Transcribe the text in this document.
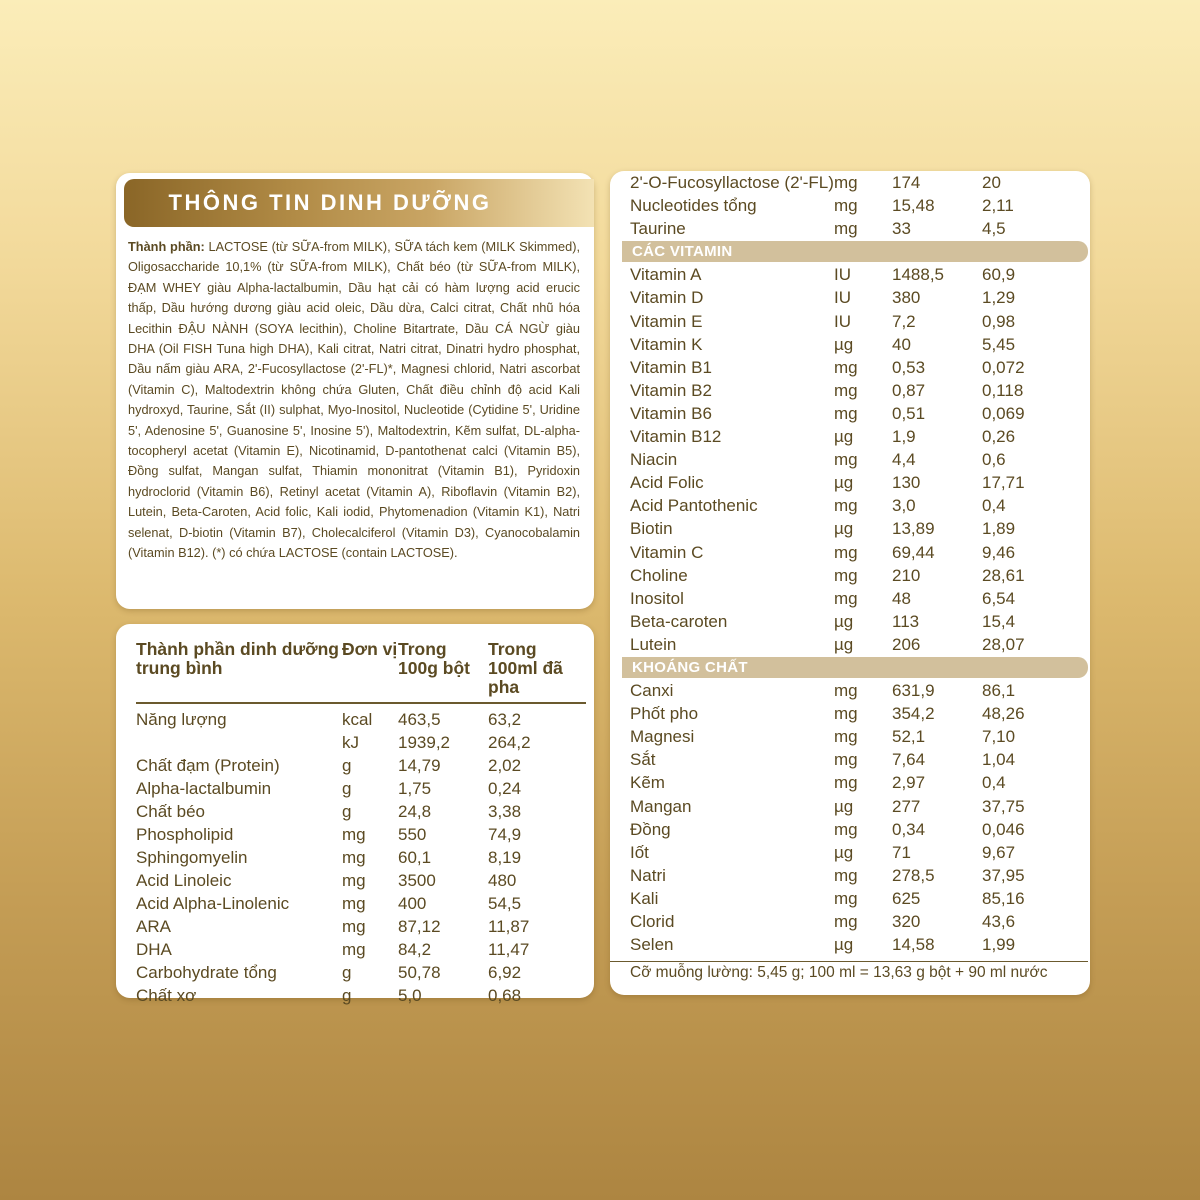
THÔNG TIN DINH DƯỠNG
Thành phần: LACTOSE (từ SỮA-from MILK), SỮA tách kem (MILK Skimmed), Oligosaccharide 10,1% (từ SỮA-from MILK), Chất béo (từ SỮA-from MILK), ĐẠM WHEY giàu Alpha-lactalbumin, Dầu hạt cải có hàm lượng acid erucic thấp, Dầu hướng dương giàu acid oleic, Dầu dừa, Calci citrat, Chất nhũ hóa Lecithin ĐẬU NÀNH (SOYA lecithin), Choline Bitartrate, Dầu CÁ NGỪ giàu DHA (Oil FISH Tuna high DHA), Kali citrat, Natri citrat, Dinatri hydro phosphat, Dầu nấm giàu ARA, 2'-Fucosyllactose (2'-FL)*, Magnesi chlorid, Natri ascorbat (Vitamin C), Maltodextrin không chứa Gluten, Chất điều chỉnh độ acid Kali hydroxyd, Taurine, Sắt (II) sulphat, Myo-Inositol, Nucleotide (Cytidine 5', Uridine 5', Adenosine 5', Guanosine 5', Inosine 5'), Maltodextrin, Kẽm sulfat, DL-alpha-tocopheryl acetat (Vitamin E), Nicotinamid, D-pantothenat calci (Vitamin B5), Đồng sulfat, Mangan sulfat, Thiamin mononitrat (Vitamin B1), Pyridoxin hydroclorid (Vitamin B6), Retinyl acetat (Vitamin A), Riboflavin (Vitamin B2), Lutein, Beta-Caroten, Acid folic, Kali iodid, Phytomenadion (Vitamin K1), Natri selenat, D-biotin (Vitamin B7), Cholecalciferol (Vitamin D3), Cyanocobalamin (Vitamin B12). (*) có chứa LACTOSE (contain LACTOSE).
Thành phần dinh dưỡng trung bình	Đơn vị	Trong 100g bột	Trong 100ml đã pha
Năng lượng	kcal	463,5	63,2
	kJ	1939,2	264,2
Chất đạm (Protein)	g	14,79	2,02
Alpha-lactalbumin	g	1,75	0,24
Chất béo	g	24,8	3,38
Phospholipid	mg	550	74,9
Sphingomyelin	mg	60,1	8,19
Acid Linoleic	mg	3500	480
Acid Alpha-Linolenic	mg	400	54,5
ARA	mg	87,12	11,87
DHA	mg	84,2	11,47
Carbohydrate tổng	g	50,78	6,92
Chất xơ	g	5,0	0,68
2'-O-Fucosyllactose (2'-FL)	mg	174	20
Nucleotides tổng	mg	15,48	2,11
Taurine	mg	33	4,5

CÁC VITAMIN			

Vitamin A	IU	1488,5	60,9
Vitamin D	IU	380	1,29
Vitamin E	IU	7,2	0,98
Vitamin K	µg	40	5,45
Vitamin B1	mg	0,53	0,072
Vitamin B2	mg	0,87	0,118
Vitamin B6	mg	0,51	0,069
Vitamin B12	µg	1,9	0,26
Niacin	mg	4,4	0,6
Acid Folic	µg	130	17,71
Acid Pantothenic	mg	3,0	0,4
Biotin	µg	13,89	1,89
Vitamin C	mg	69,44	9,46
Choline	mg	210	28,61
Inositol	mg	48	6,54
Beta-caroten	µg	113	15,4
Lutein	µg	206	28,07

KHOÁNG CHẤT			

Canxi	mg	631,9	86,1
Phốt pho	mg	354,2	48,26
Magnesi	mg	52,1	7,10
Sắt	mg	7,64	1,04
Kẽm	mg	2,97	0,4
Mangan	µg	277	37,75
Đồng	mg	0,34	0,046
Iốt	µg	71	9,67
Natri	mg	278,5	37,95
Kali	mg	625	85,16
Clorid	mg	320	43,6
Selen	µg	14,58	1,99
Cỡ muỗng lường: 5,45 g; 100 ml = 13,63 g bột + 90 ml nước
